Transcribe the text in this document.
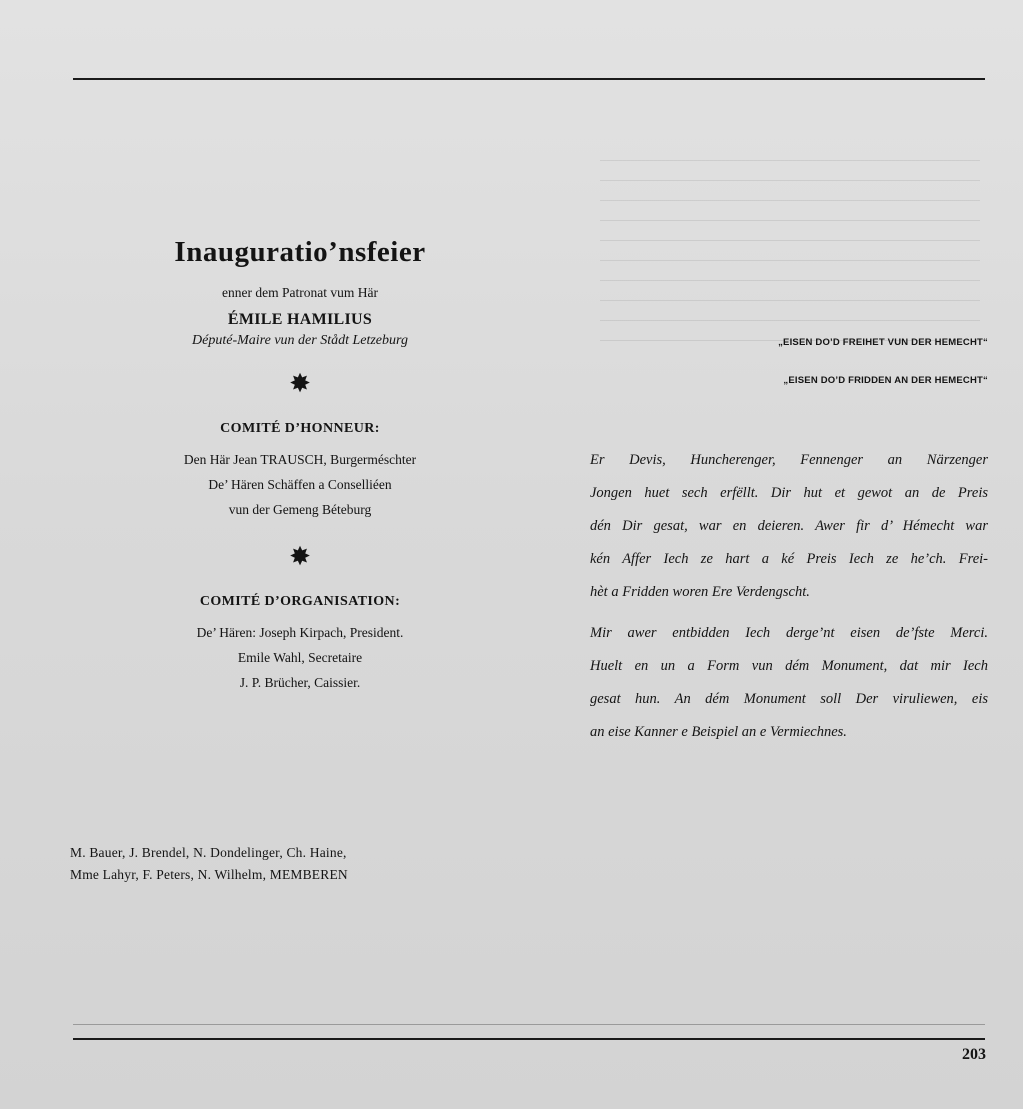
Inauguratio’nsfeier
enner dem Patronat vum Här
ÉMILE HAMILIUS
Député-Maire vun der Stådt Letzeburg
✸
COMITÉ D’HONNEUR:
Den Här Jean TRAUSCH, Burgerméschter
De’ Hären Schäffen a Conselliéen
vun der Gemeng Béteburg
✸
COMITÉ D’ORGANISATION:
De’ Hären: Joseph Kirpach, President.
Emile Wahl, Secretaire
J. P. Brücher, Caissier.
M. Bauer, J. Brendel, N. Dondelinger, Ch. Haine,
Mme Lahyr, F. Peters, N. Wilhelm, MEMBEREN
„EISEN DO’D FREIHET VUN DER HEMECHT“
„EISEN DO’D FRIDDEN AN DER HEMECHT“

Er Devis, Huncherenger, Fennenger an Närzenger
Jongen huet sech erfëllt. Dir hut et gewot an de Preis
dén Dir gesat, war en deieren. Awer fir d’ Hémecht war
kén Affer Iech ze hart a ké Preis Iech ze he’ch. Frei-
hèt a Fridden woren Ere Verdengscht.

Mir awer entbidden Iech derge’nt eisen de’fste Merci.
Huelt en un a Form vun dém Monument, dat mir Iech
gesat hun. An dém Monument soll Der viruliewen, eis
an eise Kanner e Beispiel an e Vermiechnes.

203
